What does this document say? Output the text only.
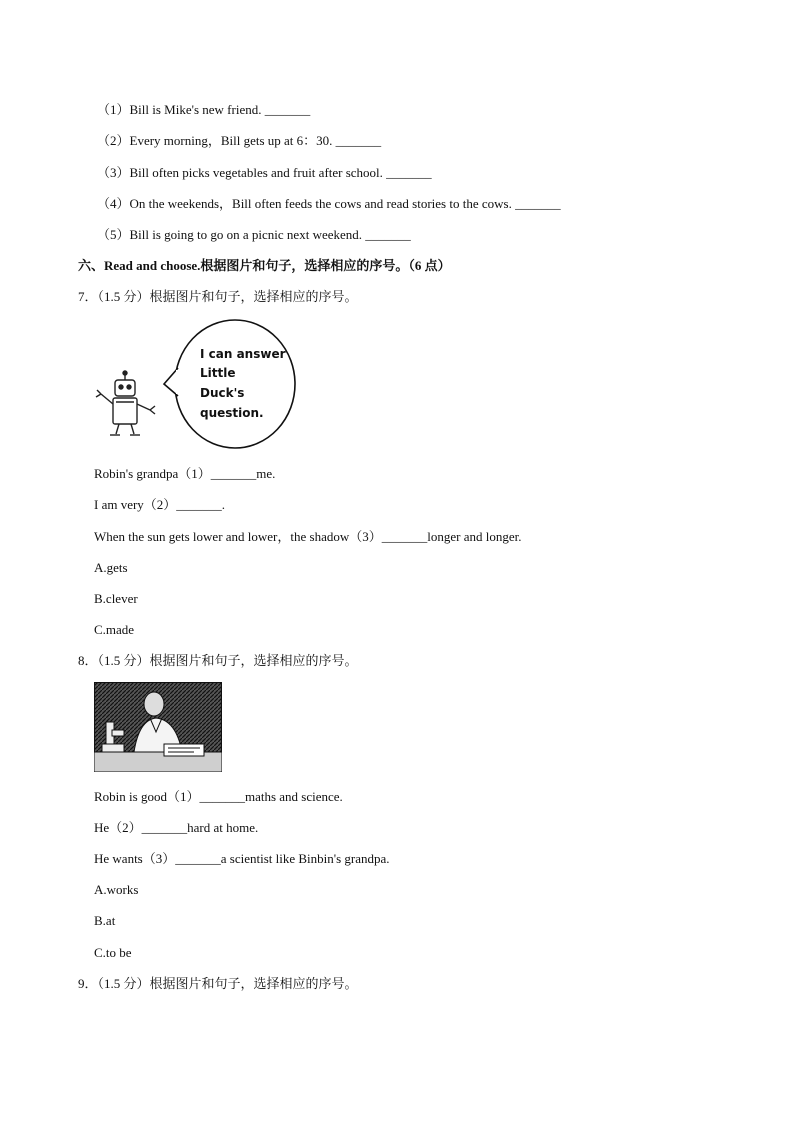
（1）Bill is Mike's new friend. _______
（2）Every morning，Bill gets up at 6：30. _______
（3）Bill often picks vegetables and fruit after school. _______
（4）On the weekends，Bill often feeds the cows and read stories to the cows. _______
（5）Bill is going to go on a picnic next weekend. _______
六、Read and choose.根据图片和句子，选择相应的序号。（6 点）
7．（1.5 分）根据图片和句子，选择相应的序号。
I can answer
Little
Duck's
question.
Robin's grandpa（1）_______me.
I am very（2）_______.
When the sun gets lower and lower，the shadow（3）_______longer and longer.
A.gets
B.clever
C.made
8．（1.5 分）根据图片和句子，选择相应的序号。
Robin is good（1）_______maths and science.
He（2）_______hard at home.
He wants（3）_______a scientist like Binbin's grandpa.
A.works
B.at
C.to be
9．（1.5 分）根据图片和句子，选择相应的序号。
